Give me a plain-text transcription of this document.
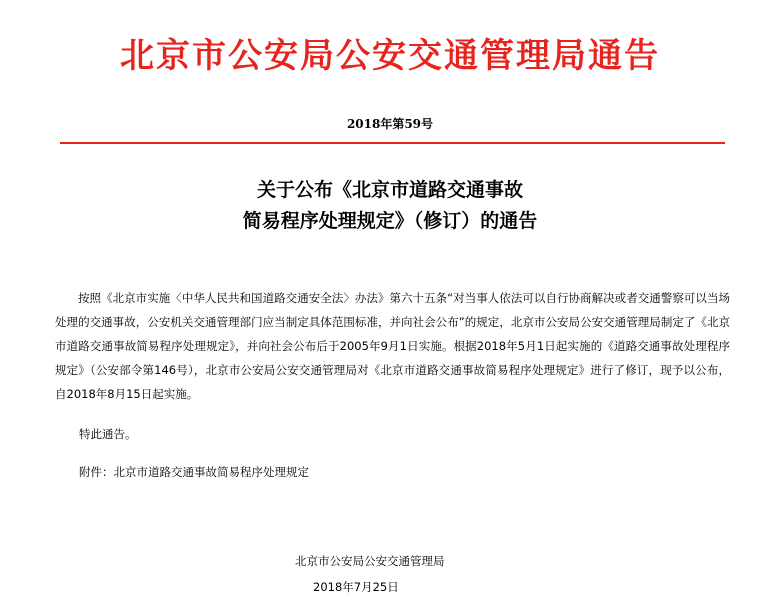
北京市公安局公安交通管理局通告
2018年第59号
关于公布《北京市道路交通事故
简易程序处理规定》（修订）的通告
按照《北京市实施〈中华人民共和国道路交通安全法〉办法》第六十五条“对当事人依法可以自行协商解决或者交通警察可以当场处理的交通事故，公安机关交通管理部门应当制定具体范围标准，并向社会公布”的规定，北京市公安局公安交通管理局制定了《北京市道路交通事故简易程序处理规定》，并向社会公布后于2005年9月1日实施。根据2018年5月1日起实施的《道路交通事故处理程序规定》（公安部令第146号），北京市公安局公安交通管理局对《北京市道路交通事故简易程序处理规定》进行了修订，现予以公布，自2018年8月15日起实施。
特此通告。
附件：北京市道路交通事故简易程序处理规定
北京市公安局公安交通管理局
2018年7月25日
